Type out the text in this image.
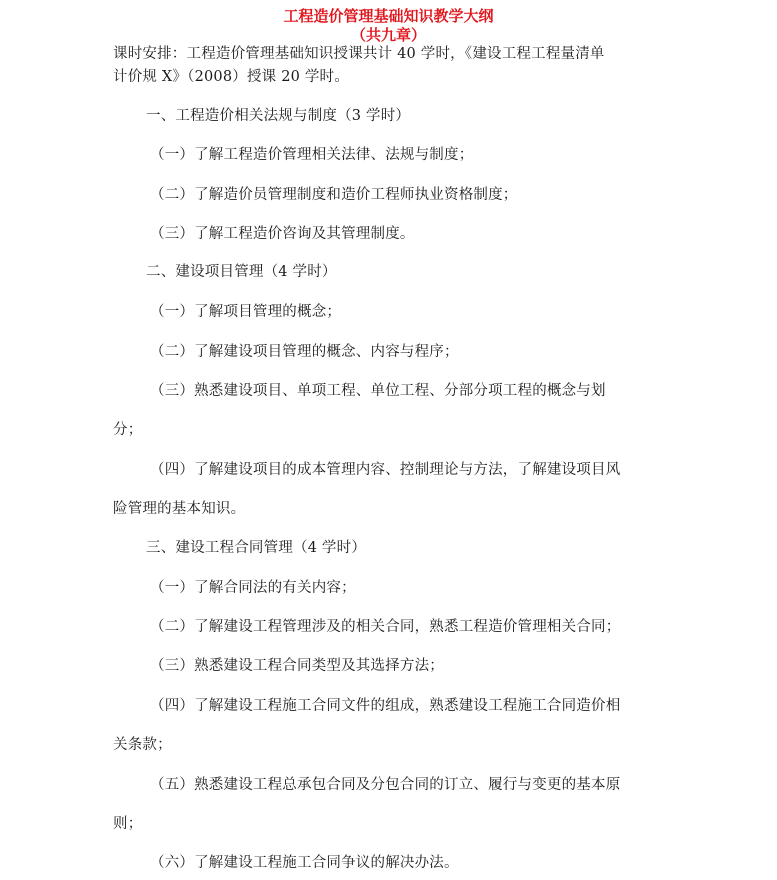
工程造价管理基础知识教学大纲
（共九章）
课时安排：工程造价管理基础知识授课共计 40 学时，《建设工程工程量清单
计价规 X》（2008）授课 20 学时。
一、工程造价相关法规与制度（3 学时）
（一）了解工程造价管理相关法律、法规与制度；
（二）了解造价员管理制度和造价工程师执业资格制度；
（三）了解工程造价咨询及其管理制度。
二、建设项目管理（4 学时）
（一）了解项目管理的概念；
（二）了解建设项目管理的概念、内容与程序；
（三）熟悉建设项目、单项工程、单位工程、分部分项工程的概念与划
分；
（四）了解建设项目的成本管理内容、控制理论与方法，了解建设项目风
险管理的基本知识。
三、建设工程合同管理（4 学时）
（一）了解合同法的有关内容；
（二）了解建设工程管理涉及的相关合同，熟悉工程造价管理相关合同；
（三）熟悉建设工程合同类型及其选择方法；
（四）了解建设工程施工合同文件的组成，熟悉建设工程施工合同造价相
关条款；
（五）熟悉建设工程总承包合同及分包合同的订立、履行与变更的基本原
则；
（六）了解建设工程施工合同争议的解决办法。
